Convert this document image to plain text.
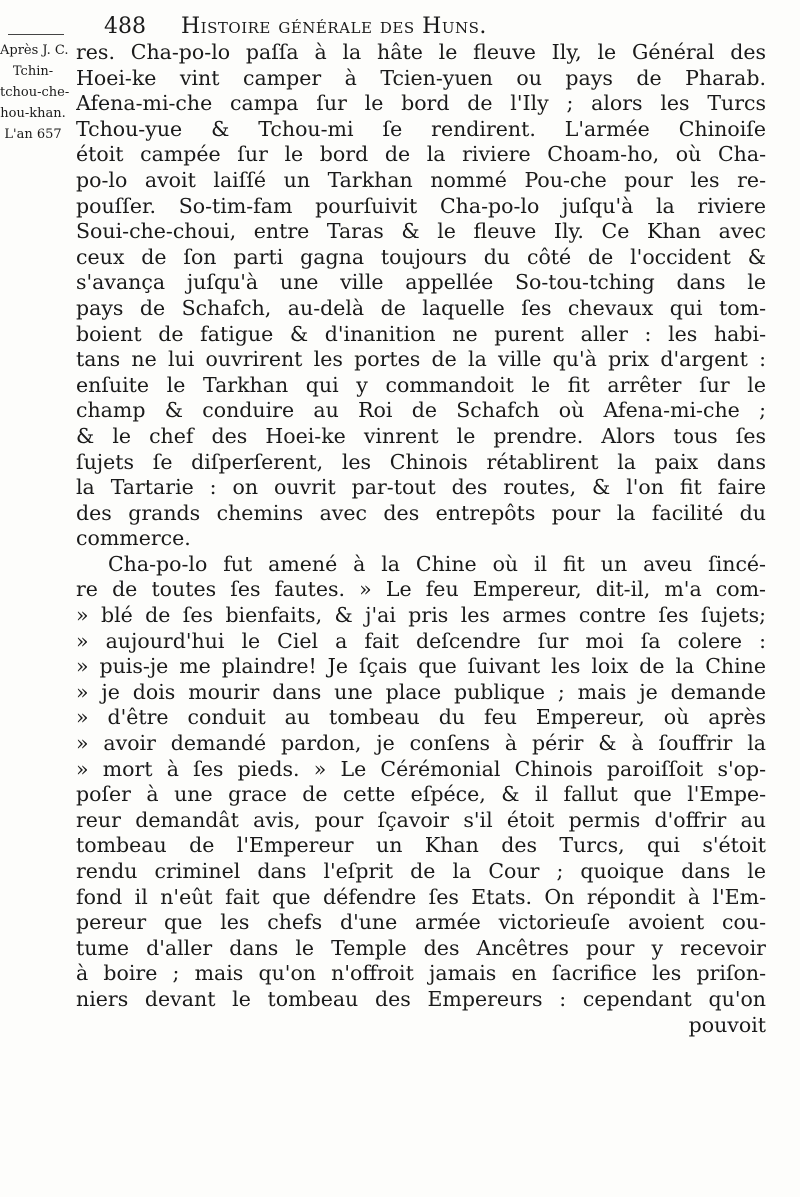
488 Histoire générale des Huns.
Après J. C.
Tchin-
tchou-che-
hou-khan.
L'an 657
res. Cha-po-lo paſſa à la hâte le fleuve Ily, le Général des
Hoei-ke vint camper à Tcien-yuen ou pays de Pharab.
Afena-mi-che campa ſur le bord de l'Ily ; alors les Turcs
Tchou-yue & Tchou-mi ſe rendirent. L'armée Chinoiſe
étoit campée ſur le bord de la riviere Choam-ho, où Cha-
po-lo avoit laiſſé un Tarkhan nommé Pou-che pour les re-
pouſſer. So-tim-fam pourſuivit Cha-po-lo juſqu'à la riviere
Soui-che-choui, entre Taras & le fleuve Ily. Ce Khan avec
ceux de ſon parti gagna toujours du côté de l'occident &
s'avança juſqu'à une ville appellée So-tou-tching dans le
pays de Schafch, au-delà de laquelle ſes chevaux qui tom-
boient de fatigue & d'inanition ne purent aller : les habi-
tans ne lui ouvrirent les portes de la ville qu'à prix d'argent :
enſuite le Tarkhan qui y commandoit le fit arrêter ſur le
champ & conduire au Roi de Schafch où Afena-mi-che ;
& le chef des Hoei-ke vinrent le prendre. Alors tous ſes
ſujets ſe diſperſerent, les Chinois rétablirent la paix dans
la Tartarie : on ouvrit par-tout des routes, & l'on fit faire
des grands chemins avec des entrepôts pour la facilité du
commerce.
Cha-po-lo fut amené à la Chine où il fit un aveu ſincé-
re de toutes ſes fautes. » Le feu Empereur, dit-il, m'a com-
» blé de ſes bienfaits, & j'ai pris les armes contre ſes ſujets;
» aujourd'hui le Ciel a fait deſcendre ſur moi ſa colere :
» puis-je me plaindre! Je ſçais que ſuivant les loix de la Chine
» je dois mourir dans une place publique ; mais je demande
» d'être conduit au tombeau du feu Empereur, où après
» avoir demandé pardon, je conſens à périr & à ſouffrir la
» mort à ſes pieds. » Le Cérémonial Chinois paroiſſoit s'op-
poſer à une grace de cette eſpéce, & il fallut que l'Empe-
reur demandât avis, pour ſçavoir s'il étoit permis d'offrir au
tombeau de l'Empereur un Khan des Turcs, qui s'étoit
rendu criminel dans l'eſprit de la Cour ; quoique dans le
fond il n'eût fait que défendre ſes Etats. On répondit à l'Em-
pereur que les chefs d'une armée victorieuſe avoient cou-
tume d'aller dans le Temple des Ancêtres pour y recevoir
à boire ; mais qu'on n'offroit jamais en ſacrifice les priſon-
niers devant le tombeau des Empereurs : cependant qu'on
pouvoit
